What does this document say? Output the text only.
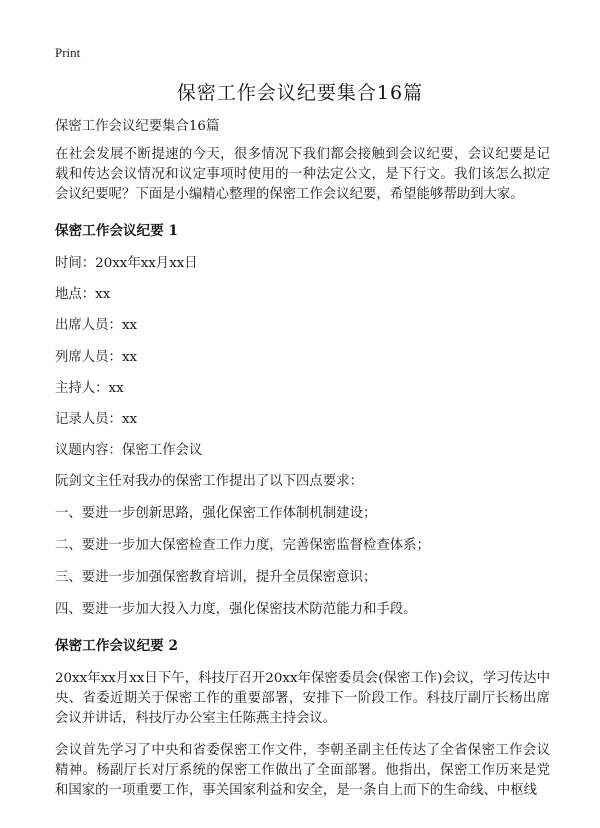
Print
保密工作会议纪要集合16篇

保密工作会议纪要集合16篇

在社会发展不断提速的今天，很多情况下我们都会接触到会议纪要，会议纪要是记载和传达会议情况和议定事项时使用的一种法定公文，是下行文。我们该怎么拟定会议纪要呢？下面是小编精心整理的保密工作会议纪要，希望能够帮助到大家。

保密工作会议纪要 1
时间：20xx年xx月xx日
地点：xx
出席人员：xx
列席人员：xx
主持人：xx
记录人员：xx
议题内容：保密工作会议

阮剑文主任对我办的保密工作提出了以下四点要求：

一、要进一步创新思路，强化保密工作体制机制建设；

二、要进一步加大保密检查工作力度，完善保密监督检查体系；

三、要进一步加强保密教育培训，提升全员保密意识；

四、要进一步加大投入力度，强化保密技术防范能力和手段。

保密工作会议纪要 2

20xx年xx月xx日下午，科技厅召开20xx年保密委员会(保密工作)会议，学习传达中央、省委近期关于保密工作的重要部署，安排下一阶段工作。科技厅副厅长杨出席会议并讲话，科技厅办公室主任陈燕主持会议。

会议首先学习了中央和省委保密工作文件，李朝圣副主任传达了全省保密工作会议精神。杨副厅长对厅系统的保密工作做出了全面部署。他指出，保密工作历来是党和国家的一项重要工作，事关国家利益和安全，是一条自上而下的生命线、中枢线
